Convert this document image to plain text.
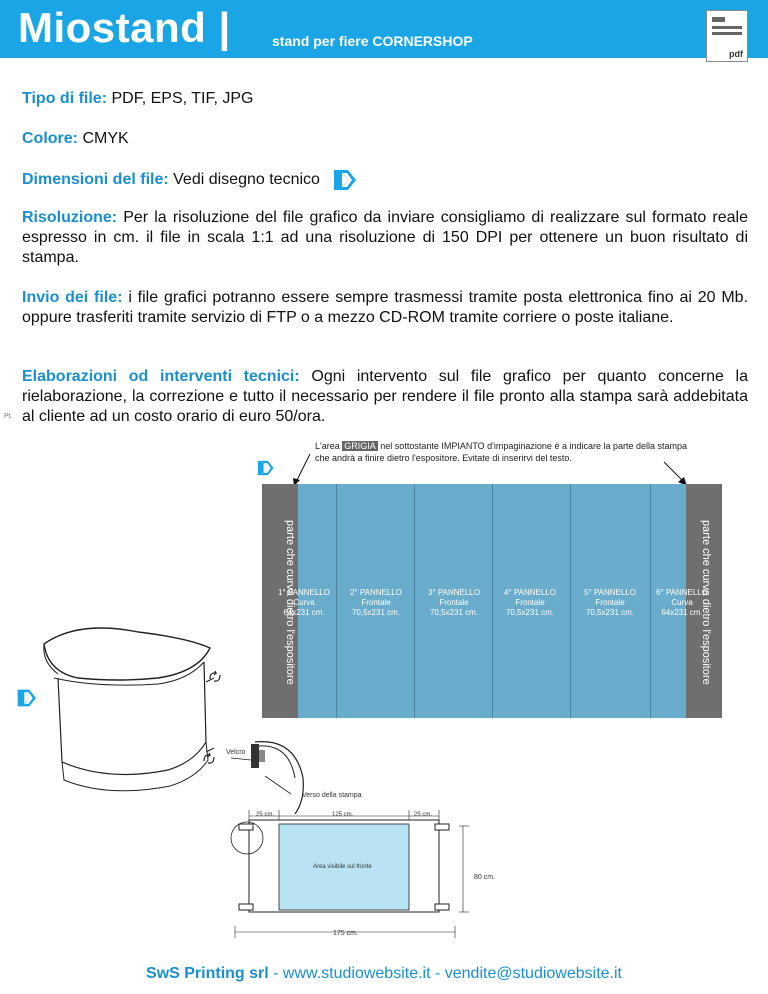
Miostand |	stand per fiere CORNERSHOP
pdf
Tipo di file: PDF, EPS, TIF, JPG
Colore: CMYK
Dimensioni del file: Vedi disegno tecnico
Risoluzione: Per la risoluzione del file grafico da inviare consigliamo di realizzare sul formato reale espresso in cm. il file in scala 1:1 ad una risoluzione di 150 DPI per ottenere un buon risultato di stampa.
Invio dei file: i file grafici potranno essere sempre trasmessi tramite posta elettronica fino ai 20 Mb. oppure trasferiti tramite servizio di FTP o a mezzo CD-ROM tramite corriere o poste italiane.
Elaborazioni od interventi tecnici: Ogni intervento sul file grafico per quanto concerne la rielaborazione, la correzione e tutto il necessario per rendere il file pronto alla stampa sarà addebitata al cliente ad un costo orario di euro 50/ora.
Pt.
L'area GRIGIA nel sottostante IMPIANTO d'impaginazione è a indicare la parte della stampa
che andrà a finire dietro l'espositore. Evitate di inserirvi del testo.
parte che curva dietro l'espositore	parte che curva dietro l'espositore
1° PANNELLO
Curva
64x231 cm.
2° PANNELLO
Frontale
70,5x231 cm.
3° PANNELLO
Frontale
70,5x231 cm.
4° PANNELLO
Frontale
70,5x231 cm.
5° PANNELLO
Frontale
70,5x231 cm.
6° PANNELLO
Curva
64x231 cm.
Velcro
Verso della stampa
25 cm.	125 cm.	25 cm.
Area visibile sul fronte
80 cm.
175 cm.
SwS Printing srl - www.studiowebsite.it - vendite@studiowebsite.it
